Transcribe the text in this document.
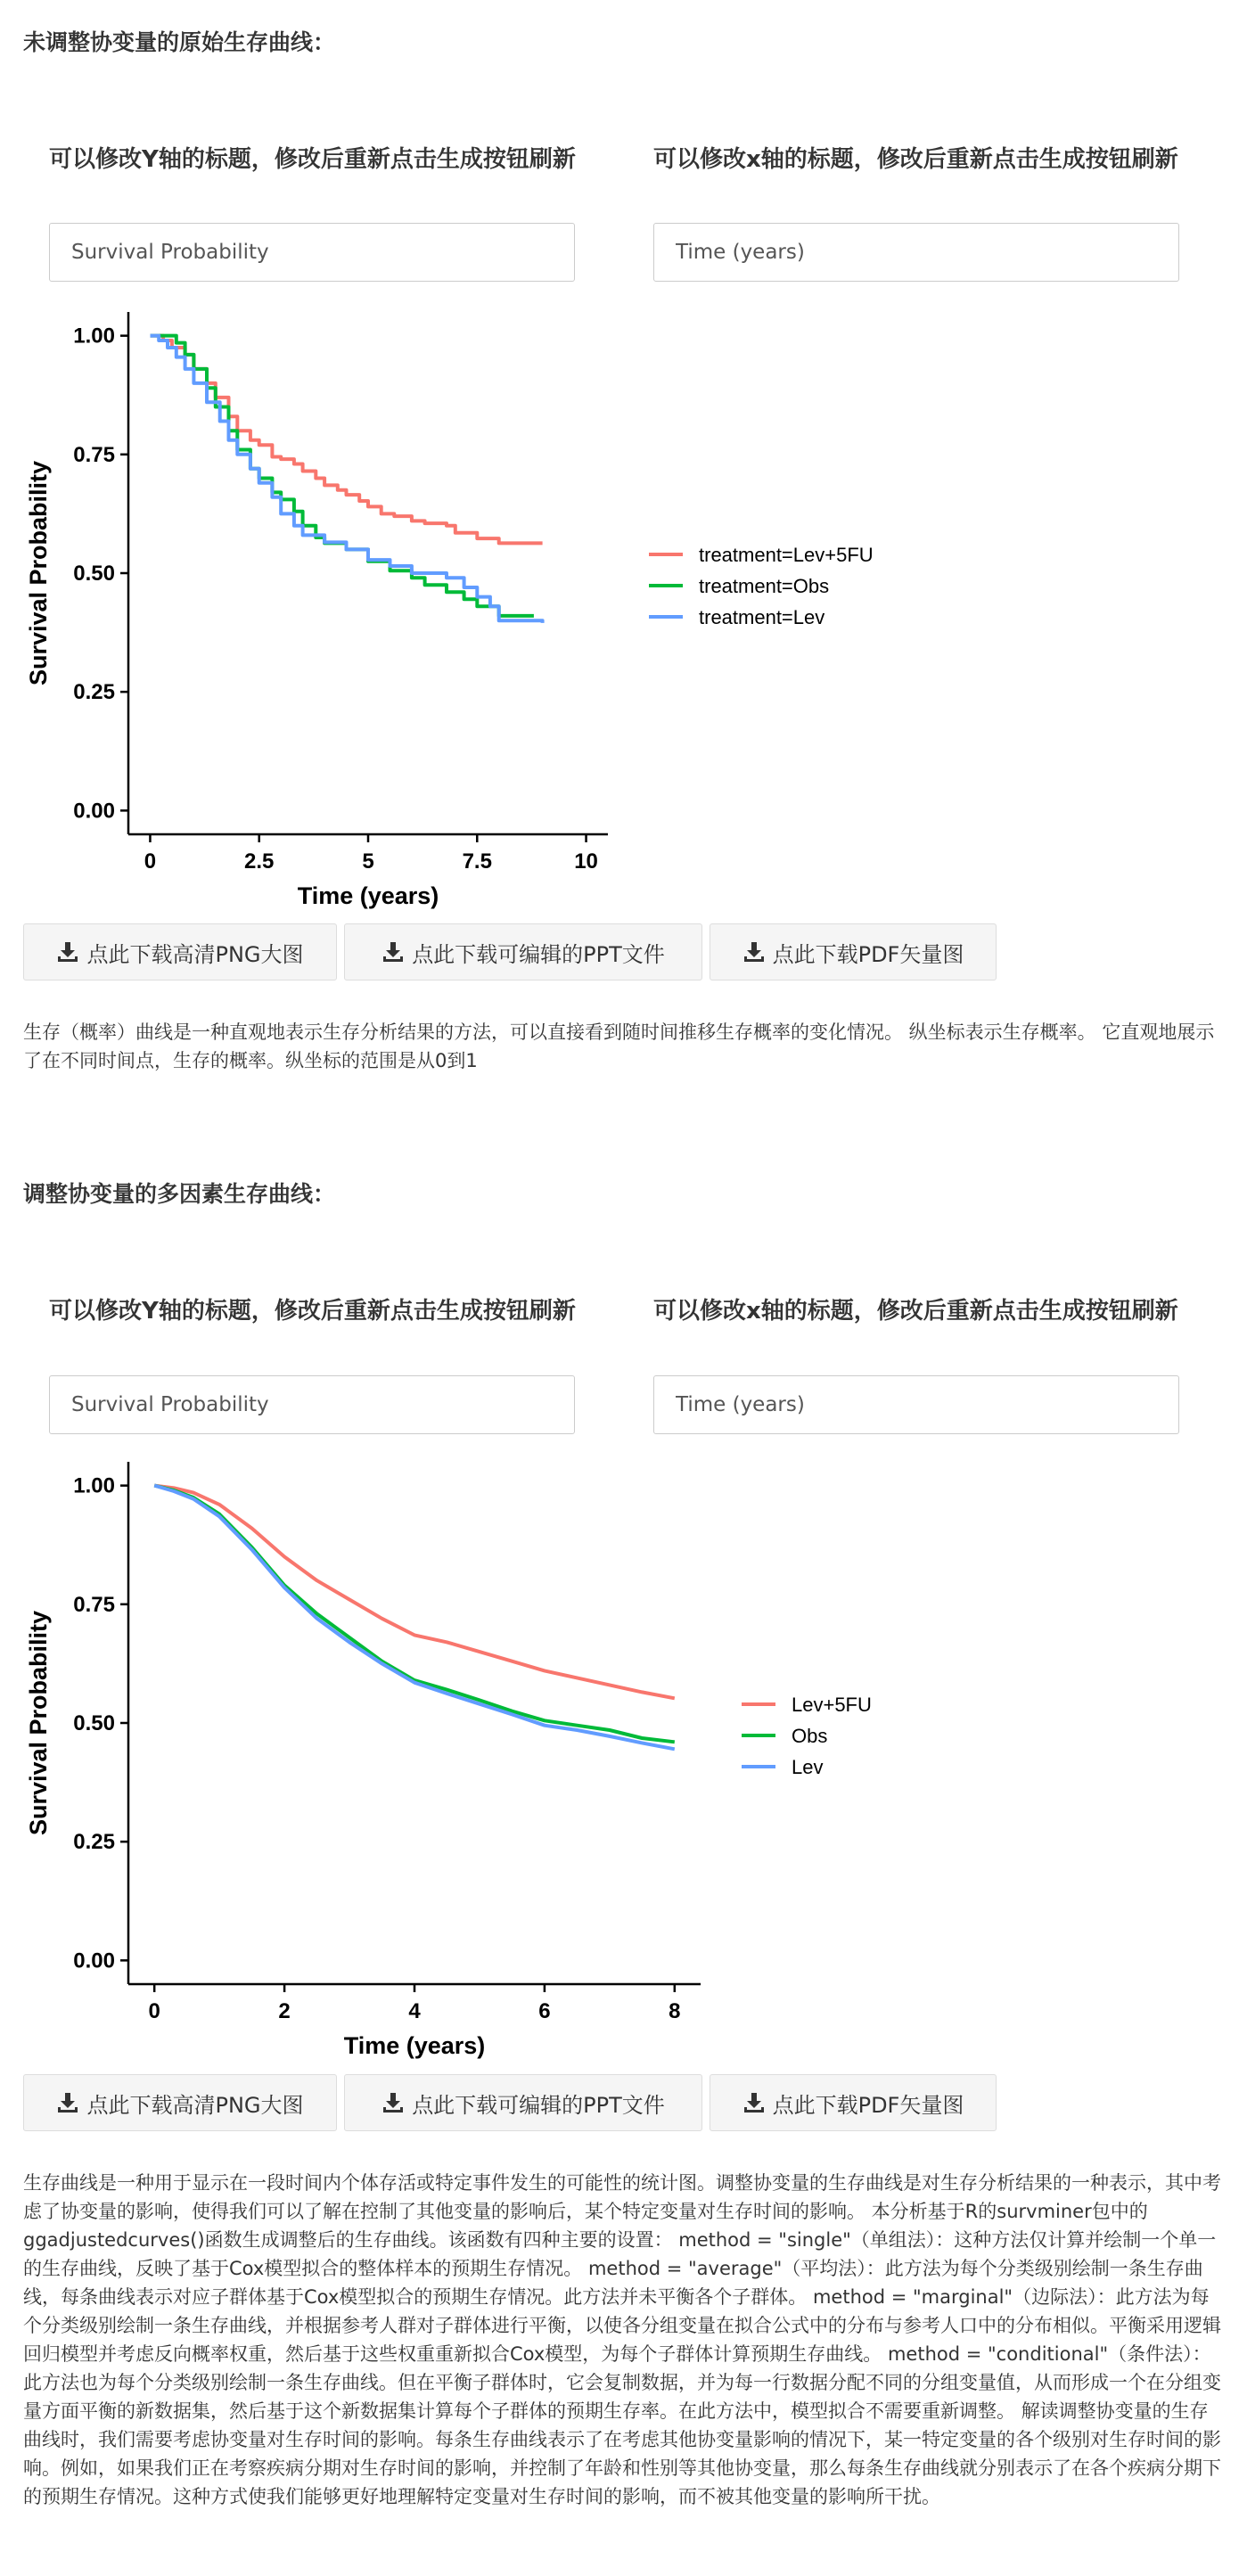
未调整协变量的原始生存曲线：
可以修改Y轴的标题，修改后重新点击生成按钮刷新	可以修改x轴的标题，修改后重新点击生成按钮刷新
Survival Probability
Time (years)
0.00
0.25
0.50
0.75
1.00
0	2.5	5	7.5	10
Time (years)
Survival Probability	treatment=Lev+5FU
treatment=Obs
treatment=Lev
点此下载高清PNG大图	点此下载可编辑的PPT文件	点此下载PDF矢量图
生存（概率）曲线是一种直观地表示生存分析结果的方法，可以直接看到随时间推移生存概率的变化情况。 纵坐标表示生存概率。 它直观地展示了在不同时间点，生存的概率。纵坐标的范围是从0到1
调整协变量的多因素生存曲线：
可以修改Y轴的标题，修改后重新点击生成按钮刷新	可以修改x轴的标题，修改后重新点击生成按钮刷新
Survival Probability
Time (years)
0.00
0.25
0.50
0.75
1.00
0	2	4	6	8
Time (years)
Survival Probability	Lev+5FU
Obs
Lev
点此下载高清PNG大图	点此下载可编辑的PPT文件	点此下载PDF矢量图
生存曲线是一种用于显示在一段时间内个体存活或特定事件发生的可能性的统计图。调整协变量的生存曲线是对生存分析结果的一种表示，其中考虑了协变量的影响，使得我们可以了解在控制了其他变量的影响后，某个特定变量对生存时间的影响。 本分析基于R的survminer包中的ggadjustedcurves()函数生成调整后的生存曲线。该函数有四种主要的设置： method = "single"（单组法）：这种方法仅计算并绘制一个单一的生存曲线，反映了基于Cox模型拟合的整体样本的预期生存情况。 method = "average"（平均法）：此方法为每个分类级别绘制一条生存曲线，每条曲线表示对应子群体基于Cox模型拟合的预期生存情况。此方法并未平衡各个子群体。 method = "marginal"（边际法）：此方法为每个分类级别绘制一条生存曲线，并根据参考人群对子群体进行平衡，以使各分组变量在拟合公式中的分布与参考人口中的分布相似。平衡采用逻辑回归模型并考虑反向概率权重，然后基于这些权重重新拟合Cox模型，为每个子群体计算预期生存曲线。 method = "conditional"（条件法）：此方法也为每个分类级别绘制一条生存曲线。但在平衡子群体时，它会复制数据，并为每一行数据分配不同的分组变量值，从而形成一个在分组变量方面平衡的新数据集，然后基于这个新数据集计算每个子群体的预期生存率。在此方法中，模型拟合不需要重新调整。 解读调整协变量的生存曲线时，我们需要考虑协变量对生存时间的影响。每条生存曲线表示了在考虑其他协变量影响的情况下，某一特定变量的各个级别对生存时间的影响。例如，如果我们正在考察疾病分期对生存时间的影响，并控制了年龄和性别等其他协变量，那么每条生存曲线就分别表示了在各个疾病分期下的预期生存情况。这种方式使我们能够更好地理解特定变量对生存时间的影响，而不被其他变量的影响所干扰。
